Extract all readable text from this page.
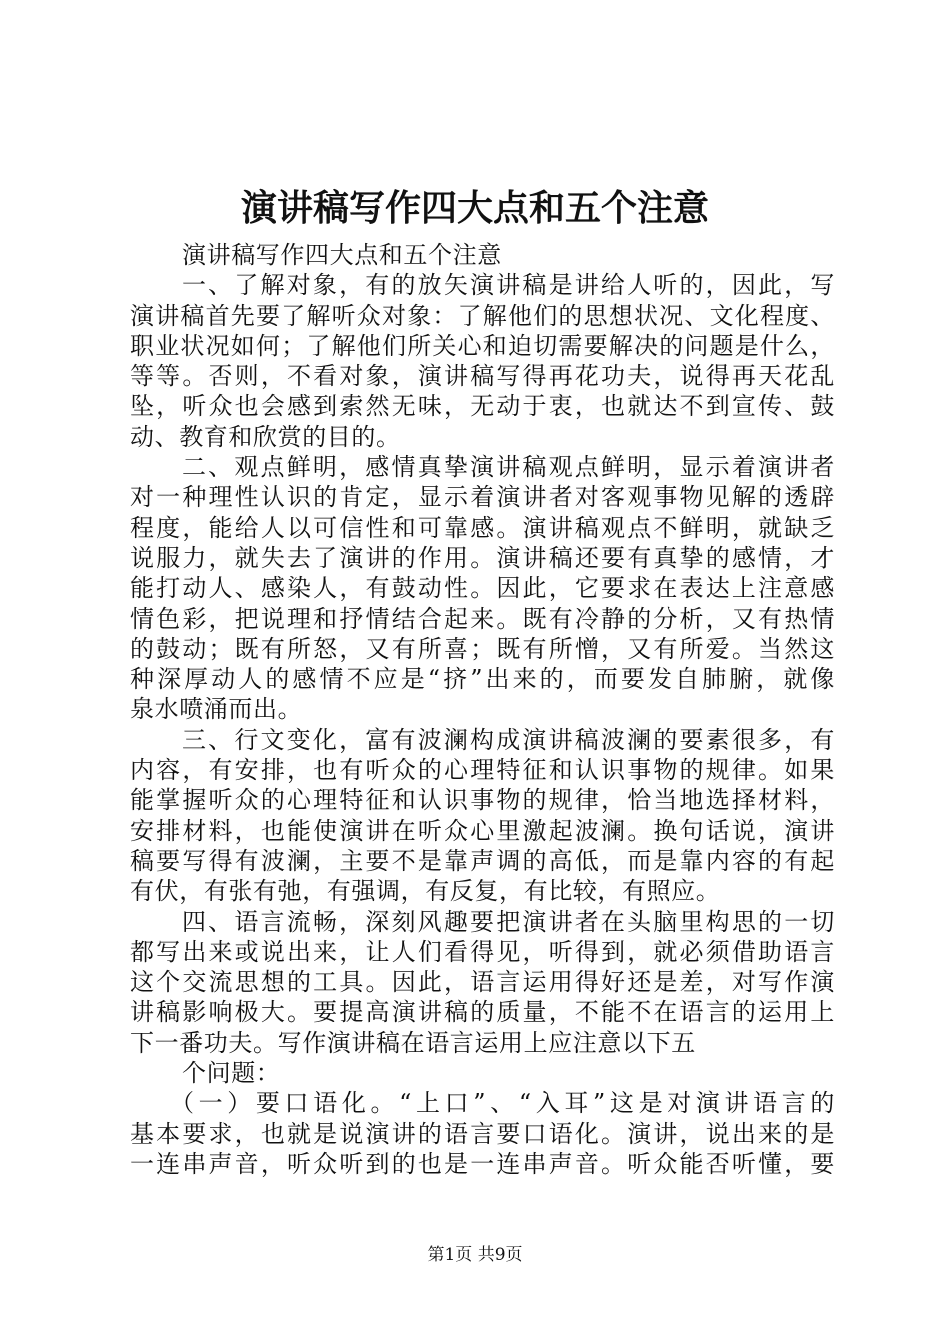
演讲稿写作四大点和五个注意
演讲稿写作四大点和五个注意
一、了解对象，有的放矢演讲稿是讲给人听的，因此，写
演讲稿首先要了解听众对象：了解他们的思想状况、文化程度、
职业状况如何；了解他们所关心和迫切需要解决的问题是什么，
等等。否则，不看对象，演讲稿写得再花功夫，说得再天花乱
坠，听众也会感到索然无味，无动于衷，也就达不到宣传、鼓
动、教育和欣赏的目的。
二、观点鲜明，感情真挚演讲稿观点鲜明，显示着演讲者
对一种理性认识的肯定，显示着演讲者对客观事物见解的透辟
程度，能给人以可信性和可靠感。演讲稿观点不鲜明，就缺乏
说服力，就失去了演讲的作用。演讲稿还要有真挚的感情，才
能打动人、感染人，有鼓动性。因此，它要求在表达上注意感
情色彩，把说理和抒情结合起来。既有冷静的分析，又有热情
的鼓动；既有所怒，又有所喜；既有所憎，又有所爱。当然这
种深厚动人的感情不应是“挤”出来的，而要发自肺腑，就像
泉水喷涌而出。
三、行文变化，富有波澜构成演讲稿波澜的要素很多，有
内容，有安排，也有听众的心理特征和认识事物的规律。如果
能掌握听众的心理特征和认识事物的规律，恰当地选择材料，
安排材料，也能使演讲在听众心里激起波澜。换句话说，演讲
稿要写得有波澜，主要不是靠声调的高低，而是靠内容的有起
有伏，有张有弛，有强调，有反复，有比较，有照应。
四、语言流畅，深刻风趣要把演讲者在头脑里构思的一切
都写出来或说出来，让人们看得见，听得到，就必须借助语言
这个交流思想的工具。因此，语言运用得好还是差，对写作演
讲稿影响极大。要提高演讲稿的质量，不能不在语言的运用上
下一番功夫。写作演讲稿在语言运用上应注意以下五
个问题：
（一）要口语化。“上口”、“入耳”这是对演讲语言的
基本要求，也就是说演讲的语言要口语化。演讲，说出来的是
一连串声音，听众听到的也是一连串声音。听众能否听懂，要
第1页 共9页
